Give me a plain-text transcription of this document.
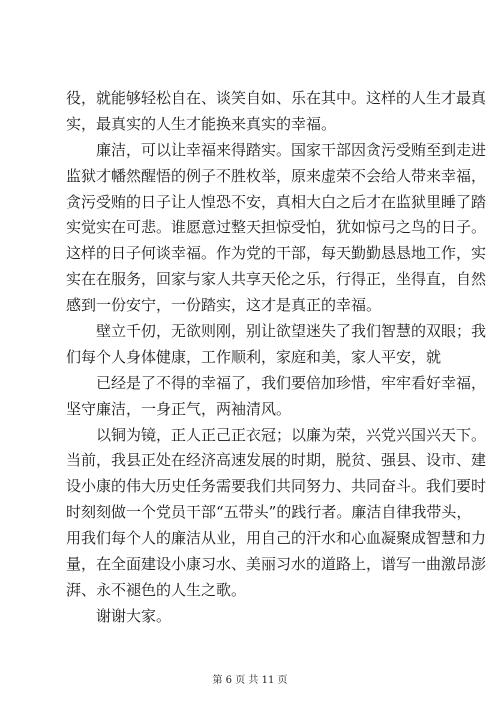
役，就能够轻松自在、谈笑自如、乐在其中。这样的人生才最真
实，最真实的人生才能换来真实的幸福。
廉洁，可以让幸福来得踏实。国家干部因贪污受贿至到走进
监狱才幡然醒悟的例子不胜枚举，原来虚荣不会给人带来幸福，
贪污受贿的日子让人惶恐不安，真相大白之后才在监狱里睡了踏
实觉实在可悲。谁愿意过整天担惊受怕，犹如惊弓之鸟的日子。
这样的日子何谈幸福。作为党的干部，每天勤勤恳恳地工作，实
实在在服务，回家与家人共享天伦之乐，行得正，坐得直，自然
感到一份安宁，一份踏实，这才是真正的幸福。
壁立千仞，无欲则刚，别让欲望迷失了我们智慧的双眼；我
们每个人身体健康，工作顺利，家庭和美，家人平安，就
已经是了不得的幸福了，我们要倍加珍惜，牢牢看好幸福，
坚守廉洁，一身正气，两袖清风。
以铜为镜，正人正己正衣冠；以廉为荣，兴党兴国兴天下。
当前，我县正处在经济高速发展的时期，脱贫、强县、设市、建
设小康的伟大历史任务需要我们共同努力、共同奋斗。我们要时
时刻刻做一个党员干部“五带头”的践行者。廉洁自律我带头，
用我们每个人的廉洁从业，用自己的汗水和心血凝聚成智慧和力
量，在全面建设小康习水、美丽习水的道路上，谱写一曲激昂澎
湃、永不褪色的人生之歌。
谢谢大家。
第 6 页 共 11 页
